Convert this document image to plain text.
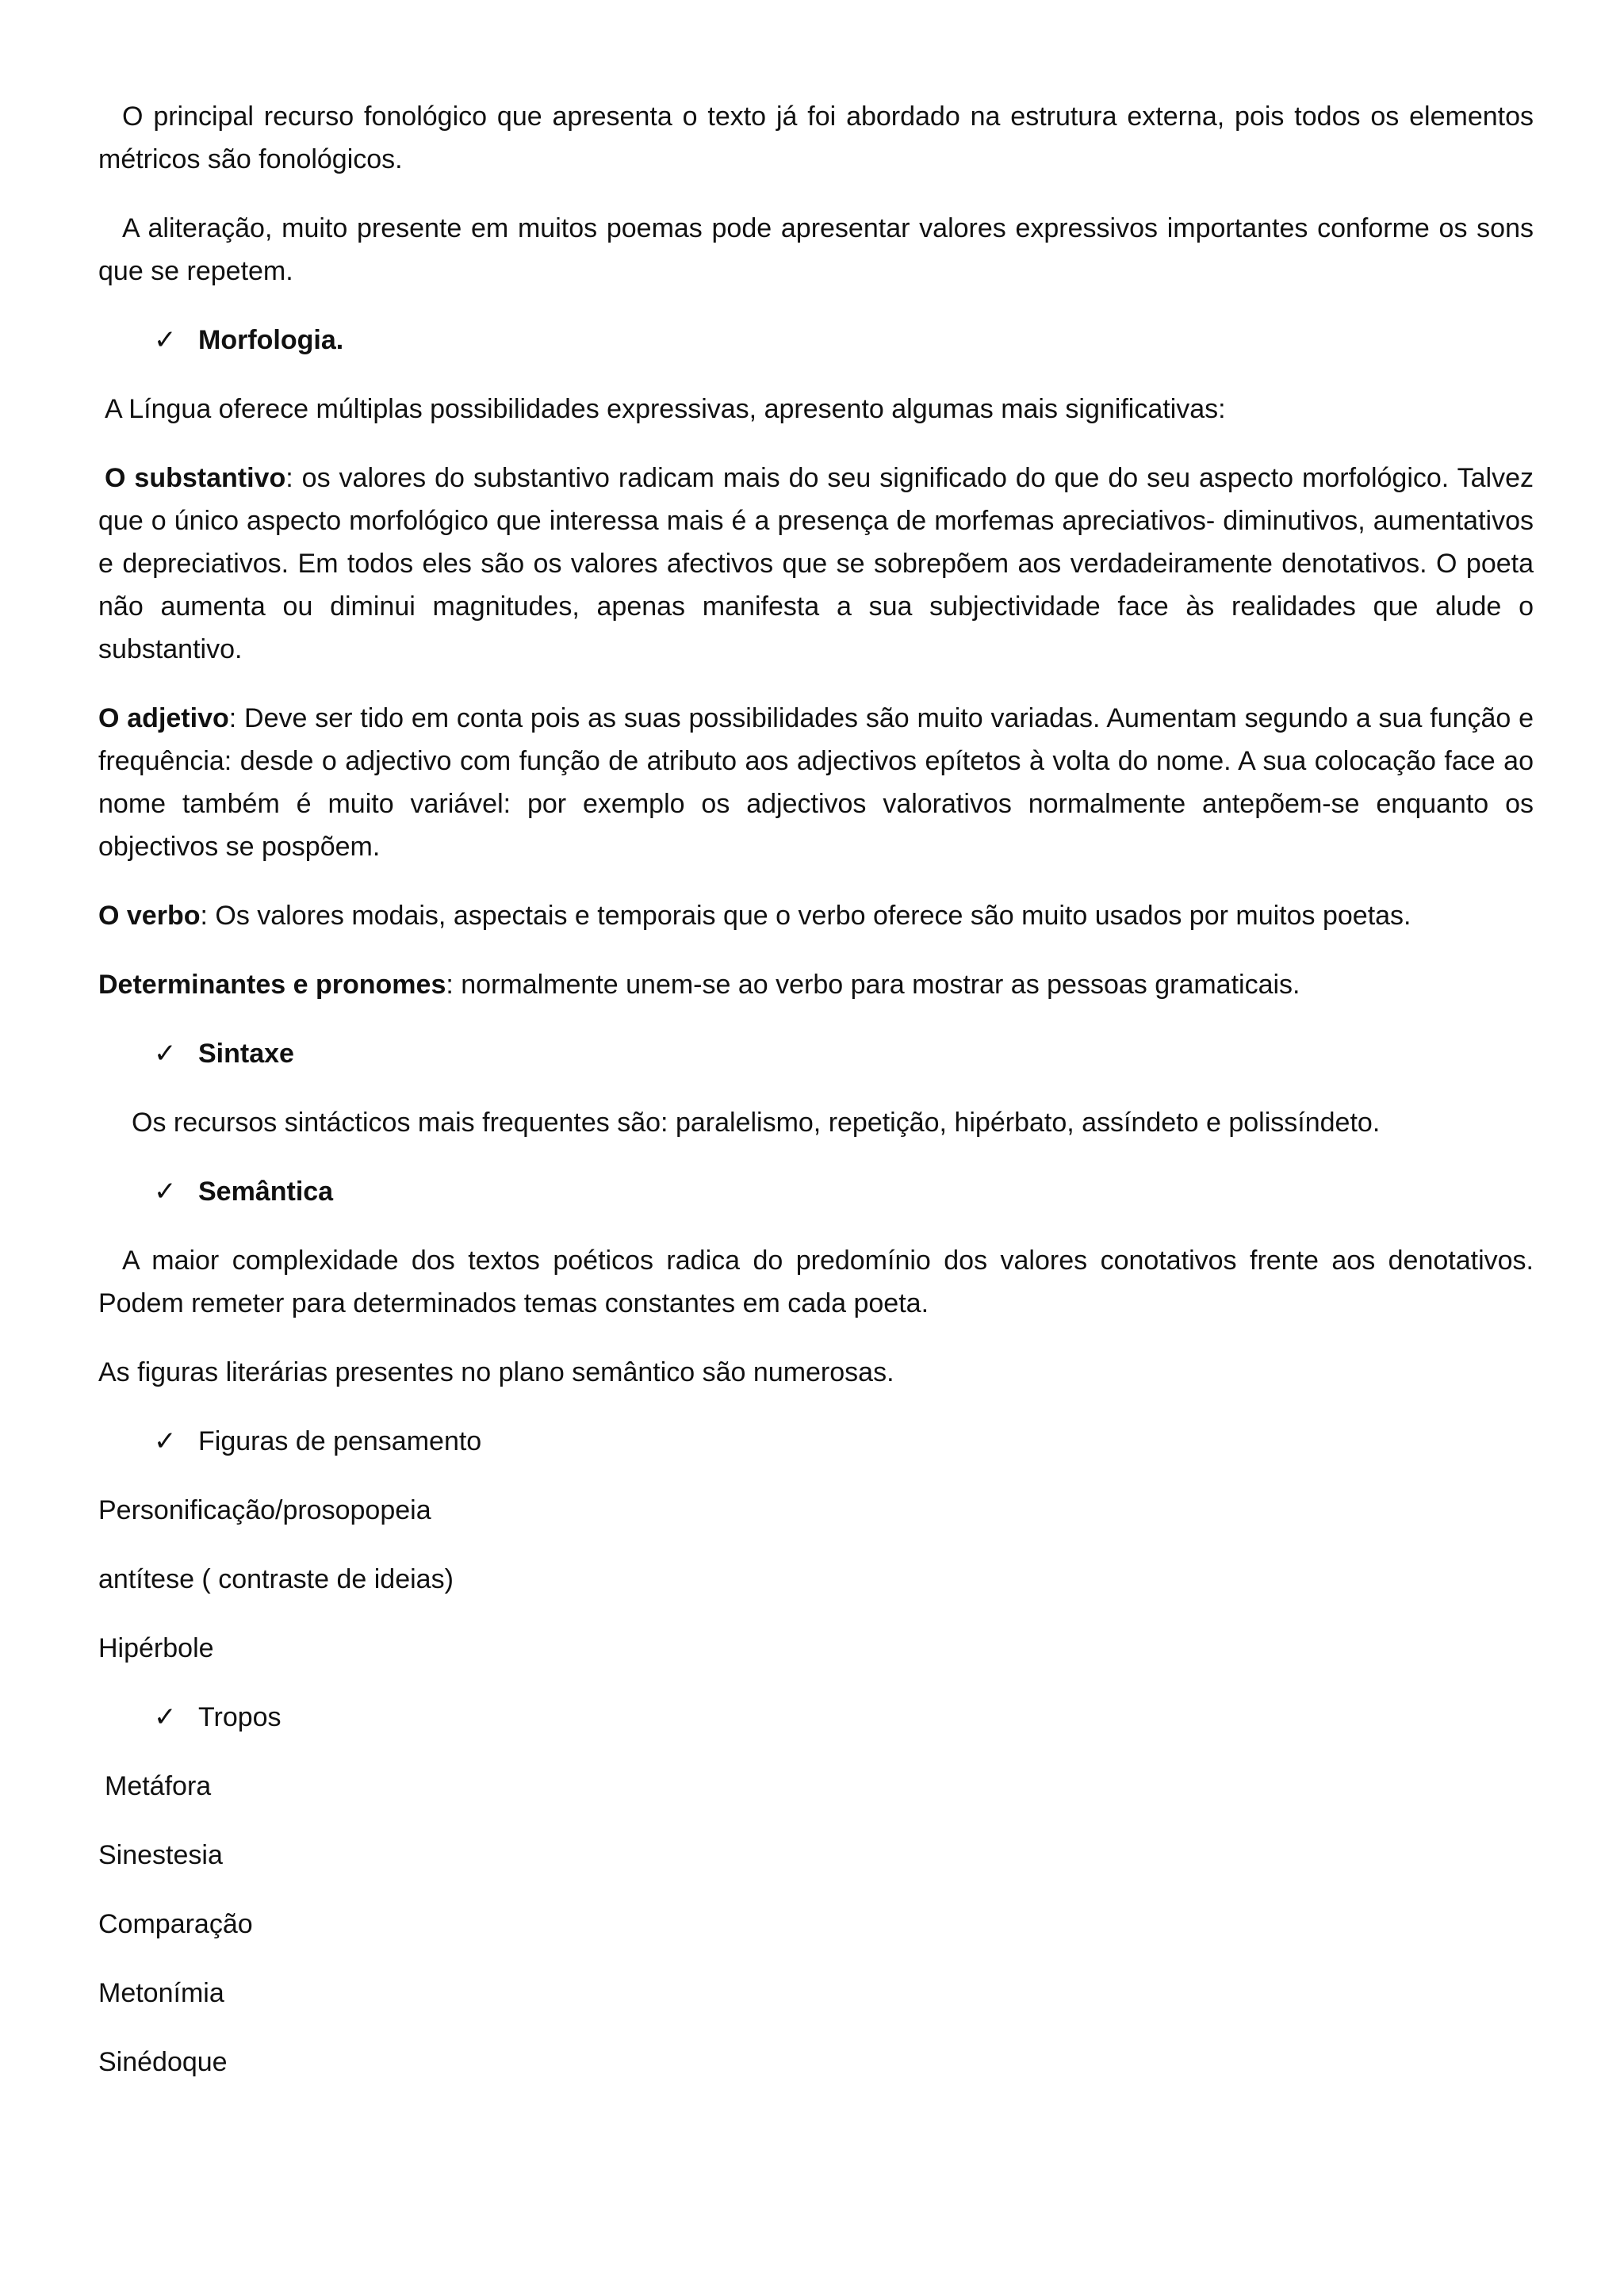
O principal recurso fonológico que apresenta o texto já foi abordado na estrutura externa, pois todos os elementos métricos são fonológicos.

A aliteração, muito presente em muitos poemas pode apresentar valores expressivos importantes conforme os sons que se repetem.

✓ Morfologia.

A Língua oferece múltiplas possibilidades expressivas, apresento algumas mais significativas:

O substantivo: os valores do substantivo radicam mais do seu significado do que do seu aspecto morfológico. Talvez que o único aspecto morfológico que interessa mais é a presença de morfemas apreciativos- diminutivos, aumentativos e depreciativos. Em todos eles são os valores afectivos que se sobrepõem aos verdadeiramente denotativos. O poeta não aumenta ou diminui magnitudes, apenas manifesta a sua subjectividade face às realidades que alude o substantivo.

O adjetivo: Deve ser tido em conta pois as suas possibilidades são muito variadas. Aumentam segundo a sua função e frequência: desde o adjectivo com função de atributo aos adjectivos epítetos à volta do nome. A sua colocação face ao nome também é muito variável: por exemplo os adjectivos valorativos normalmente antepõem-se enquanto os objectivos se pospõem.

O verbo: Os valores modais, aspectais e temporais que o verbo oferece são muito usados por muitos poetas.

Determinantes e pronomes: normalmente unem-se ao verbo para mostrar as pessoas gramaticais.

✓ Sintaxe

Os recursos sintácticos mais frequentes são: paralelismo, repetição, hipérbato, assíndeto e polissíndeto.

✓ Semântica

A maior complexidade dos textos poéticos radica do predomínio dos valores conotativos frente aos denotativos. Podem remeter para determinados temas constantes em cada poeta.

As figuras literárias presentes no plano semântico são numerosas.

✓ Figuras de pensamento

Personificação/prosopopeia

antítese ( contraste de ideias)

Hipérbole

✓ Tropos

Metáfora

Sinestesia

Comparação

Metonímia

Sinédoque
